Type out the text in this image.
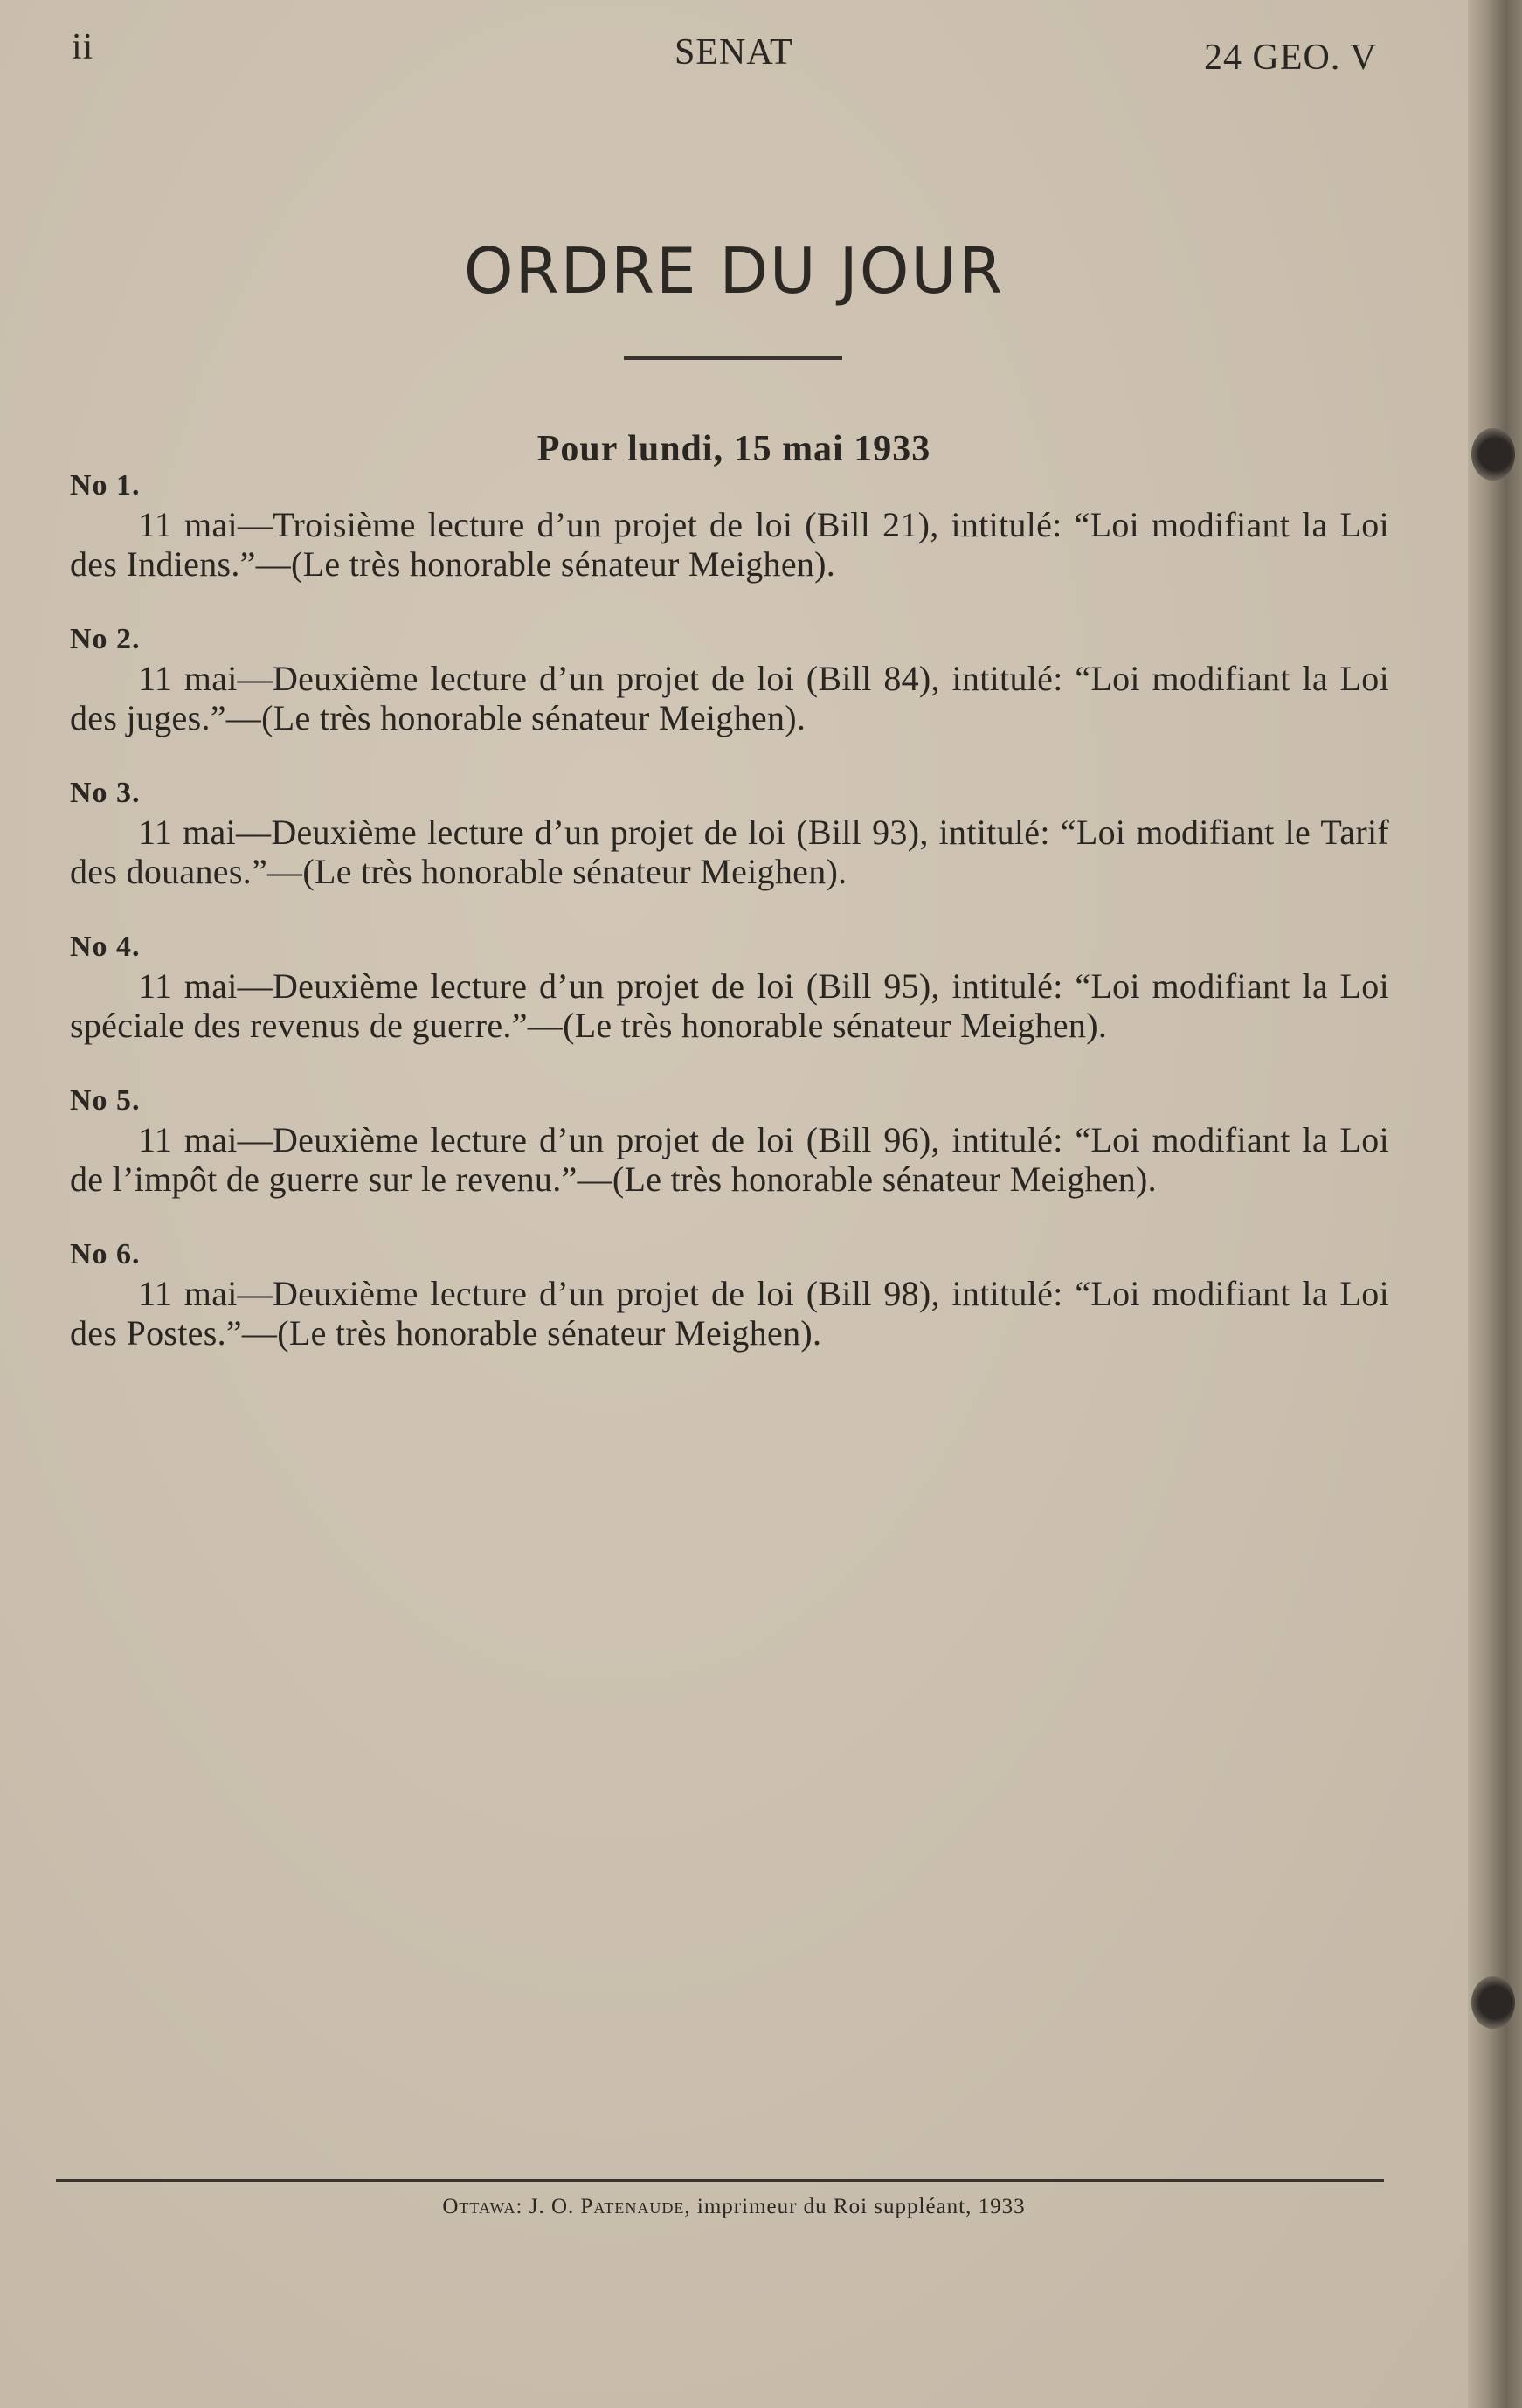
ii	SENAT	24 GEO. V
ORDRE DU JOUR
Pour lundi, 15 mai 1933
No 1.
11 mai—Troisième lecture d’un projet de loi (Bill 21), intitulé: “Loi modifiant la Loi des Indiens.”—(Le très honorable sénateur Meighen).
No 2.
11 mai—Deuxième lecture d’un projet de loi (Bill 84), intitulé: “Loi modifiant la Loi des juges.”—(Le très honorable sénateur Meighen).
No 3.
11 mai—Deuxième lecture d’un projet de loi (Bill 93), intitulé: “Loi modifiant le Tarif des douanes.”—(Le très honorable sénateur Meighen).
No 4.
11 mai—Deuxième lecture d’un projet de loi (Bill 95), intitulé: “Loi modifiant la Loi spéciale des revenus de guerre.”—(Le très honorable sénateur Meighen).
No 5.
11 mai—Deuxième lecture d’un projet de loi (Bill 96), intitulé: “Loi modifiant la Loi de l’impôt de guerre sur le revenu.”—(Le très honorable sénateur Meighen).
No 6.
11 mai—Deuxième lecture d’un projet de loi (Bill 98), intitulé: “Loi modifiant la Loi des Postes.”—(Le très honorable sénateur Meighen).
Ottawa: J. O. Patenaude, imprimeur du Roi suppléant, 1933
